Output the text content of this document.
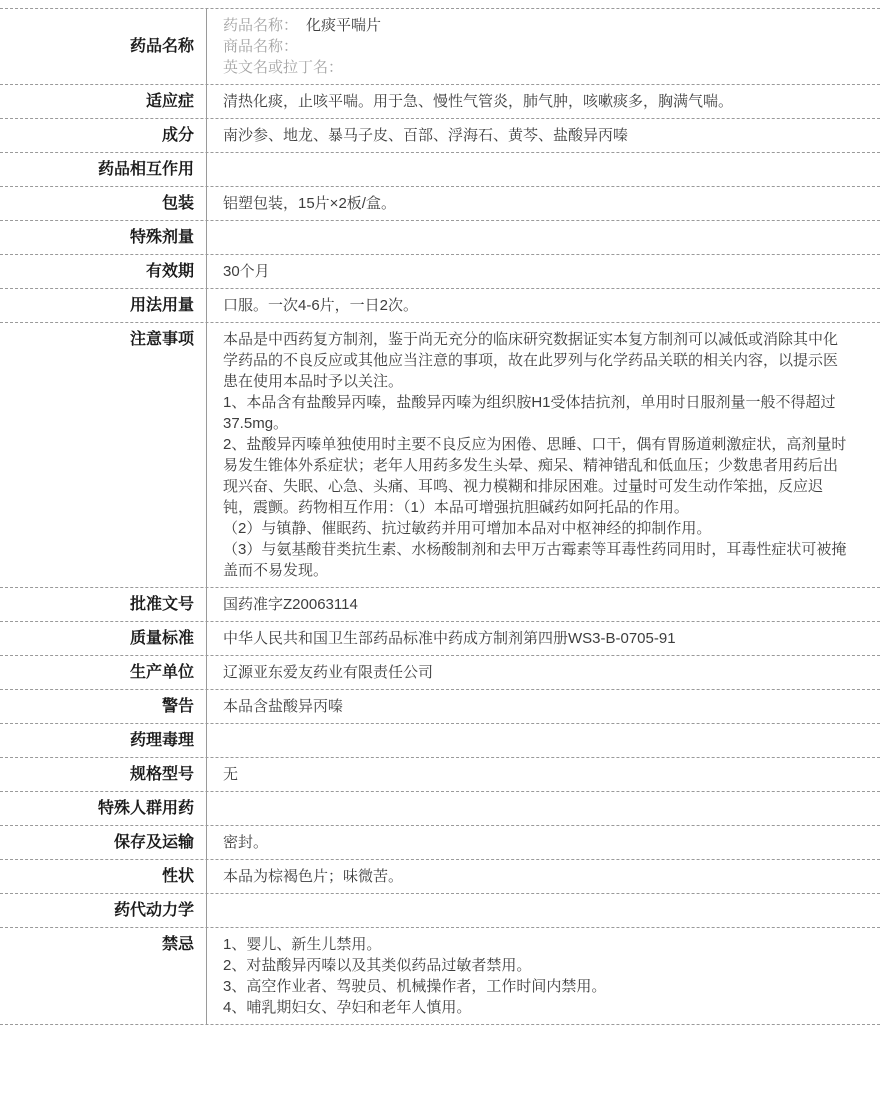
药品名称
药品名称： 化痰平喘片
商品名称：
英文名或拉丁名：
适应症	清热化痰，止咳平喘。用于急、慢性气管炎，肺气肿，咳嗽痰多，胸满气喘。
成分	南沙参、地龙、暴马子皮、百部、浮海石、黄芩、盐酸异丙嗪
药品相互作用
包装	铝塑包装，15片×2板/盒。
特殊剂量
有效期	30个月
用法用量	口服。一次4-6片，一日2次。
注意事项	本品是中西药复方制剂，鉴于尚无充分的临床研究数据证实本复方制剂可以减低或消除其中化学药品的不良反应或其他应当注意的事项，故在此罗列与化学药品关联的相关内容，以提示医患在使用本品时予以关注。
1、本品含有盐酸异丙嗪，盐酸异丙嗪为组织胺H1受体拮抗剂，单用时日服剂量一般不得超过37.5mg。
2、盐酸异丙嗪单独使用时主要不良反应为困倦、思睡、口干，偶有胃肠道刺激症状，高剂量时易发生锥体外系症状；老年人用药多发生头晕、痴呆、精神错乱和低血压；少数患者用药后出现兴奋、失眠、心急、头痛、耳鸣、视力模糊和排尿困难。过量时可发生动作笨拙，反应迟钝，震颤。药物相互作用：（1）本品可增强抗胆碱药如阿托品的作用。
（2）与镇静、催眠药、抗过敏药并用可增加本品对中枢神经的抑制作用。
（3）与氨基酸苷类抗生素、水杨酸制剂和去甲万古霉素等耳毒性药同用时，耳毒性症状可被掩盖而不易发现。
批准文号	国药准字Z20063114
质量标准	中华人民共和国卫生部药品标准中药成方制剂第四册WS3-B-0705-91
生产单位	辽源亚东爱友药业有限责任公司
警告	本品含盐酸异丙嗪
药理毒理
规格型号	无
特殊人群用药
保存及运输	密封。
性状	本品为棕褐色片；味微苦。
药代动力学
禁忌	1、婴儿、新生儿禁用。
2、对盐酸异丙嗪以及其类似药品过敏者禁用。
3、高空作业者、驾驶员、机械操作者，工作时间内禁用。
4、哺乳期妇女、孕妇和老年人慎用。
